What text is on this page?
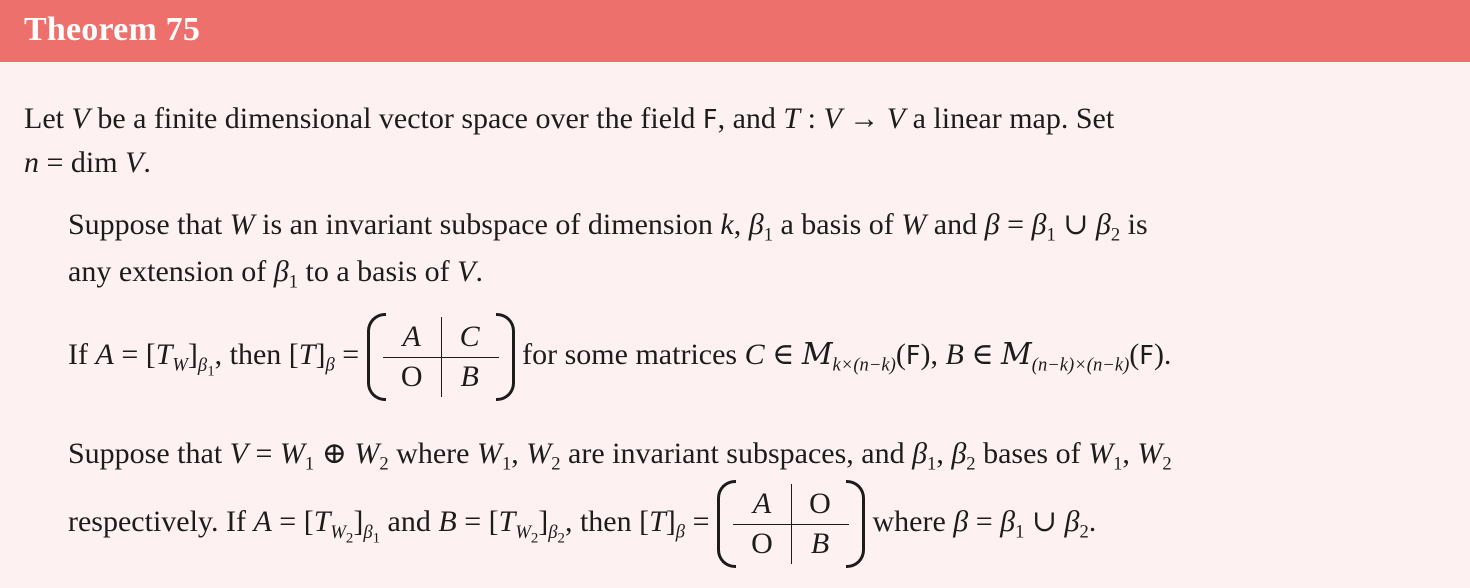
Theorem 75
Let V be a finite dimensional vector space over the field F, and T : V → V a linear map. Set
n = dim V.
Suppose that W is an invariant subspace of dimension k, $\beta_1$ a basis of W and $\beta = \beta_1$ ∪ $\beta_2$ is
any extension of $\beta_1$ to a basis of V.
If $A = [T_W]_{\beta_1}$, then $[T]_\beta$ =
A	C
O	B
for some matrices C ∈ $M_{k\times(n-k)}(F)$, B ∈ $M_{(n-k)\times(n-k)}(F)$.
Suppose that $V = W_1$ ⊕ $W_2$ where $W_1$, $W_2$ are invariant subspaces, and $\beta_1$, $\beta_2$ bases of $W_1$, $W_2$
respectively. If $A = [T_{W_2}]_{\beta_1}$ and $B = [T_{W_2}]_{\beta_2}$, then $[T]_\beta$ =
A	O
O	B
where $\beta = \beta_1$ ∪ $\beta_2$.
